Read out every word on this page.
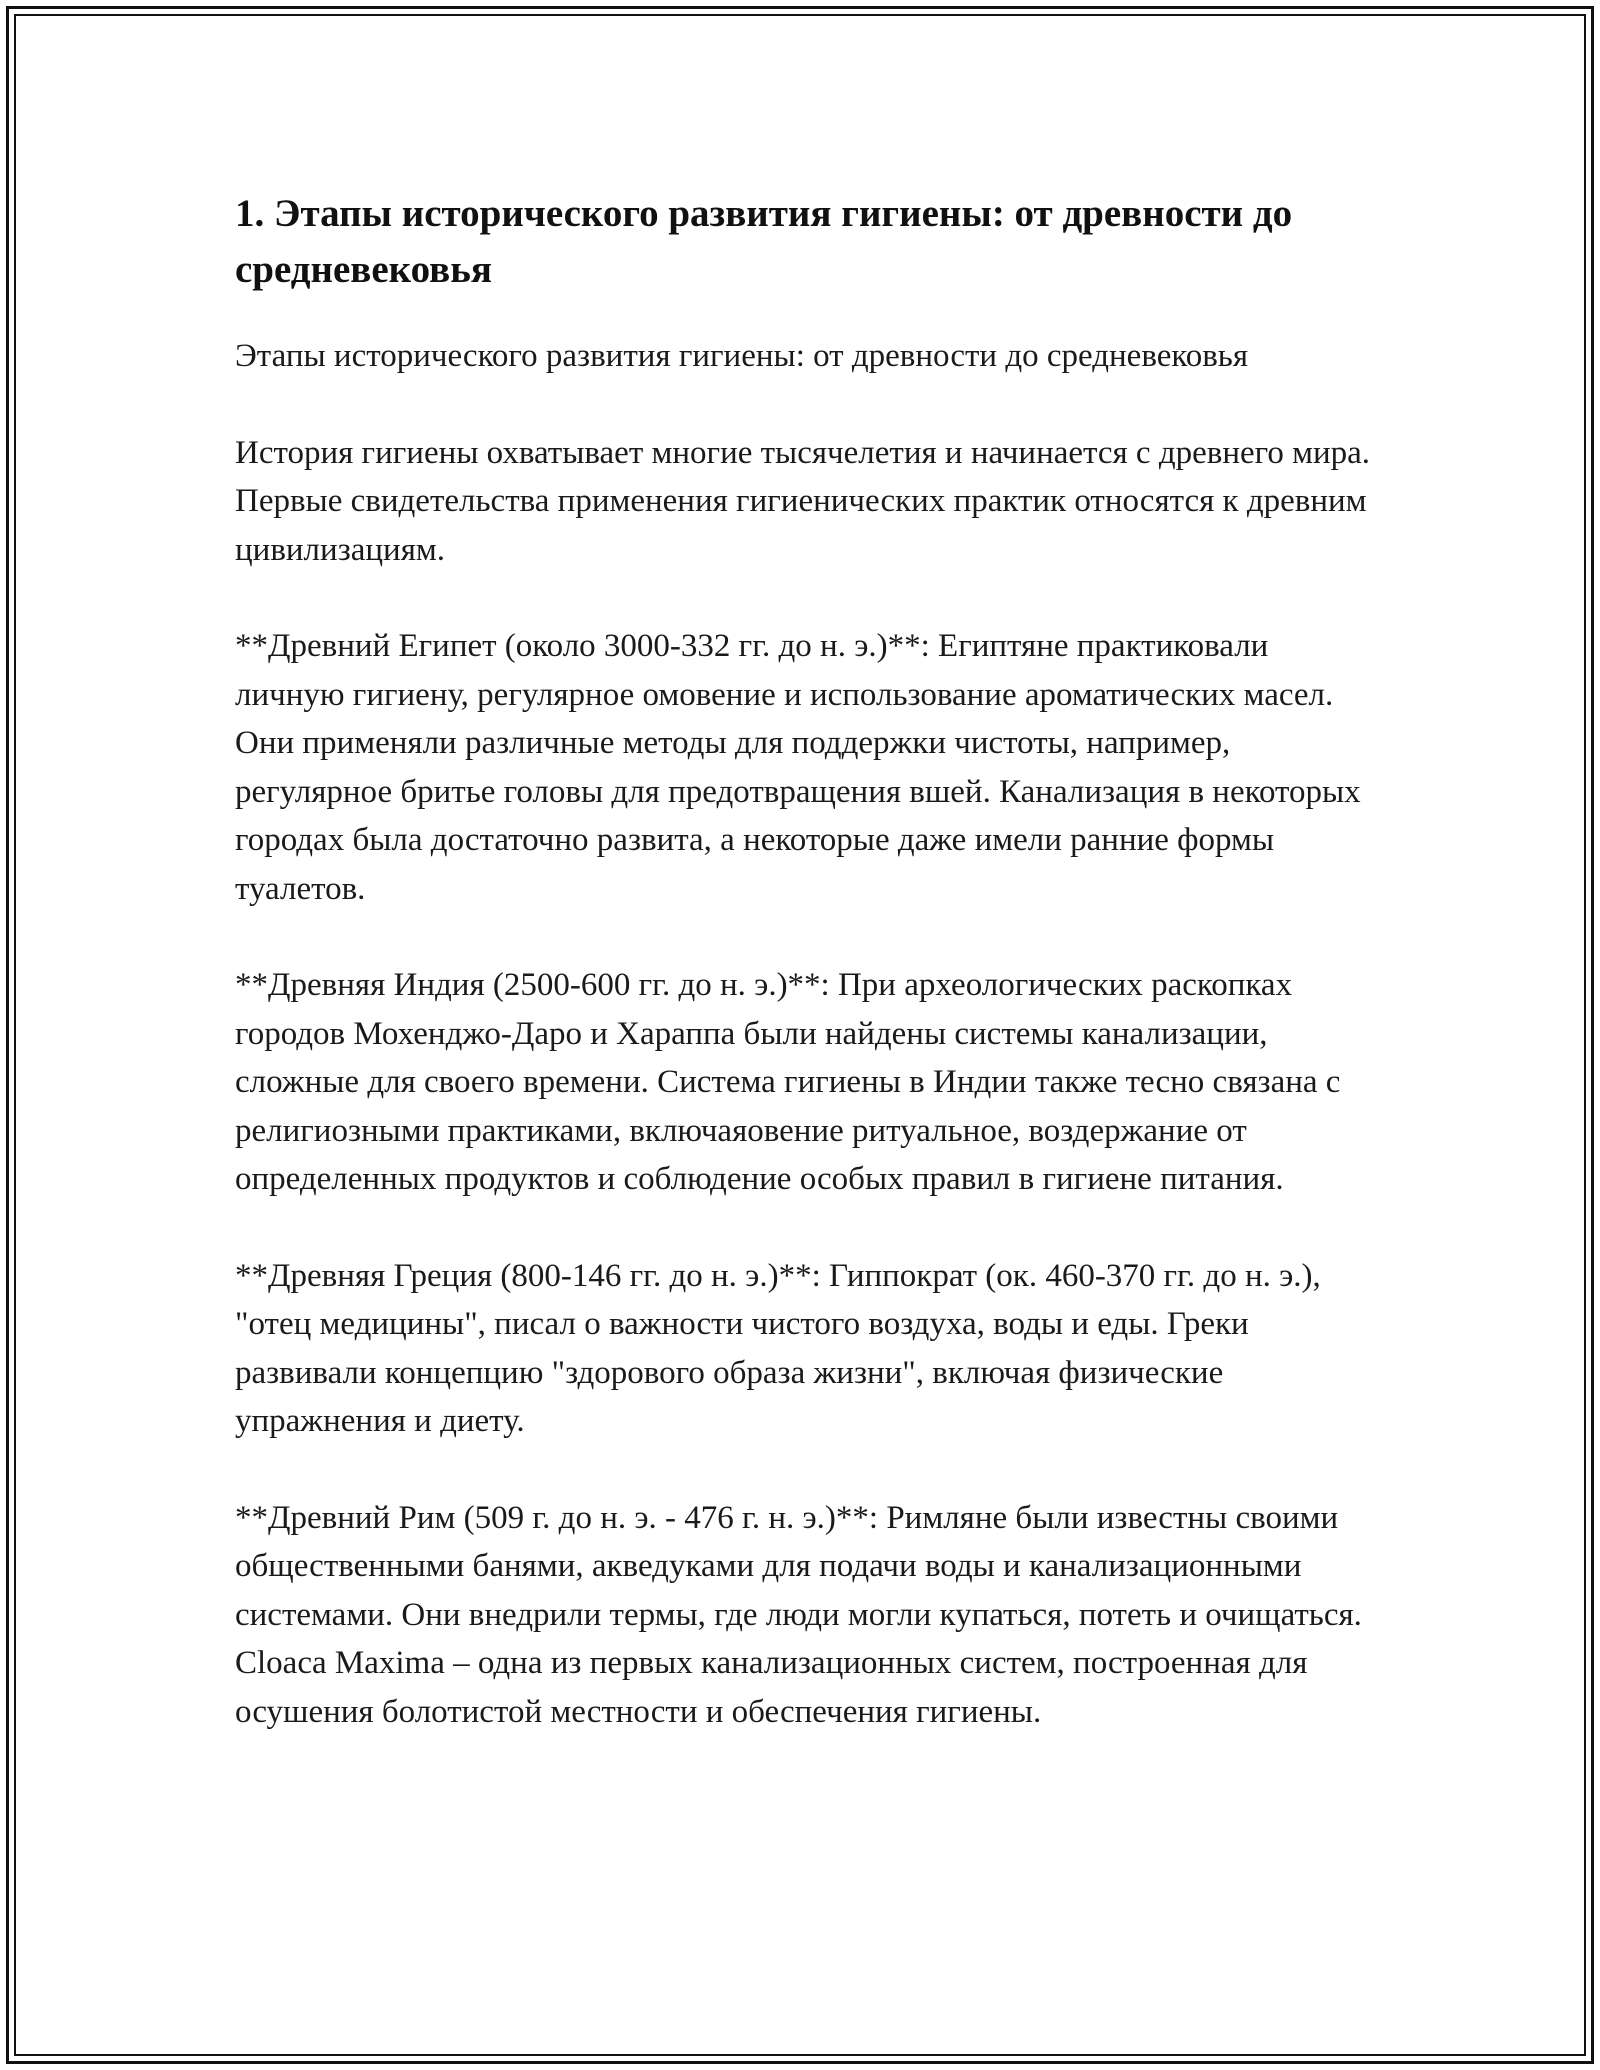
1. Этапы исторического развития гигиены: от древности до средневековья

Этапы исторического развития гигиены: от древности до средневековья

История гигиены охватывает многие тысячелетия и начинается с древнего мира. Первые свидетельства применения гигиенических практик относятся к древним цивилизациям.

**Древний Египет (около 3000-332 гг. до н. э.)**: Египтяне практиковали личную гигиену, регулярное омовение и использование ароматических масел. Они применяли различные методы для поддержки чистоты, например, регулярное бритье головы для предотвращения вшей. Канализация в некоторых городах была достаточно развита, а некоторые даже имели ранние формы туалетов.

**Древняя Индия (2500-600 гг. до н. э.)**: При археологических раскопках городов Мохенджо-Даро и Хараппа были найдены системы канализации, сложные для своего времени. Система гигиены в Индии также тесно связана с религиозными практиками, включаяовение ритуальное, воздержание от определенных продуктов и соблюдение особых правил в гигиене питания.

**Древняя Греция (800-146 гг. до н. э.)**: Гиппократ (ок. 460-370 гг. до н. э.), "отец медицины", писал о важности чистого воздуха, воды и еды. Греки развивали концепцию "здорового образа жизни", включая физические упражнения и диету.

**Древний Рим (509 г. до н. э. - 476 г. н. э.)**: Римляне были известны своими общественными банями, акведуками для подачи воды и канализационными системами. Они внедрили термы, где люди могли купаться, потеть и очищаться. Cloaca Maxima – одна из первых канализационных систем, построенная для осушения болотистой местности и обеспечения гигиены.
